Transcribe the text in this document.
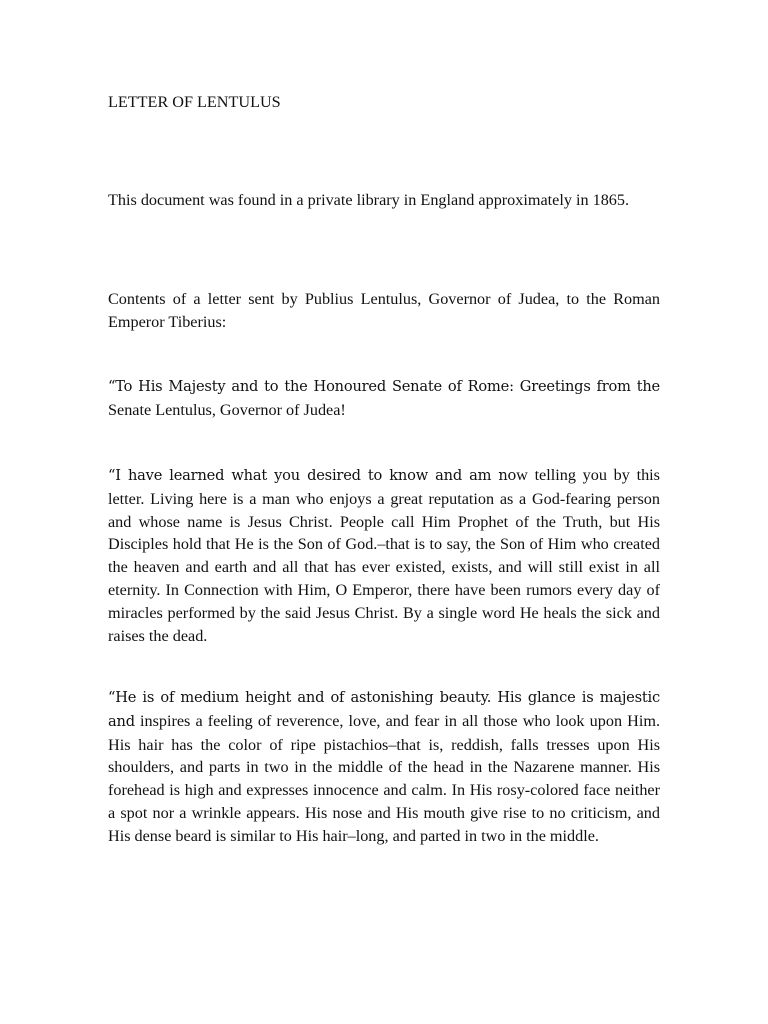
LETTER OF LENTULUS

This document was found in a private library in England approximately in 1865.

Contents of a letter sent by Publius Lentulus, Governor of Judea, to the Roman Emperor Tiberius:

“To His Majesty and to the Honoured Senate of Rome: Greetings from the Senate Lentulus, Governor of Judea!

“I have learned what you desired to know and am now telling you by this letter. Living here is a man who enjoys a great reputation as a God-fearing person and whose name is Jesus Christ. People call Him Prophet of the Truth, but His Disciples hold that He is the Son of God.–that is to say, the Son of Him who created the heaven and earth and all that has ever existed, exists, and will still exist in all eternity. In Connection with Him, O Emperor, there have been rumors every day of miracles performed by the said Jesus Christ. By a single word He heals the sick and raises the dead.

“He is of medium height and of astonishing beauty. His glance is majestic and inspires a feeling of reverence, love, and fear in all those who look upon Him. His hair has the color of ripe pistachios–that is, reddish, falls tresses upon His shoulders, and parts in two in the middle of the head in the Nazarene manner. His forehead is high and expresses innocence and calm. In His rosy-colored face neither a spot nor a wrinkle appears. His nose and His mouth give rise to no criticism, and His dense beard is similar to His hair–long, and parted in two in the middle.
